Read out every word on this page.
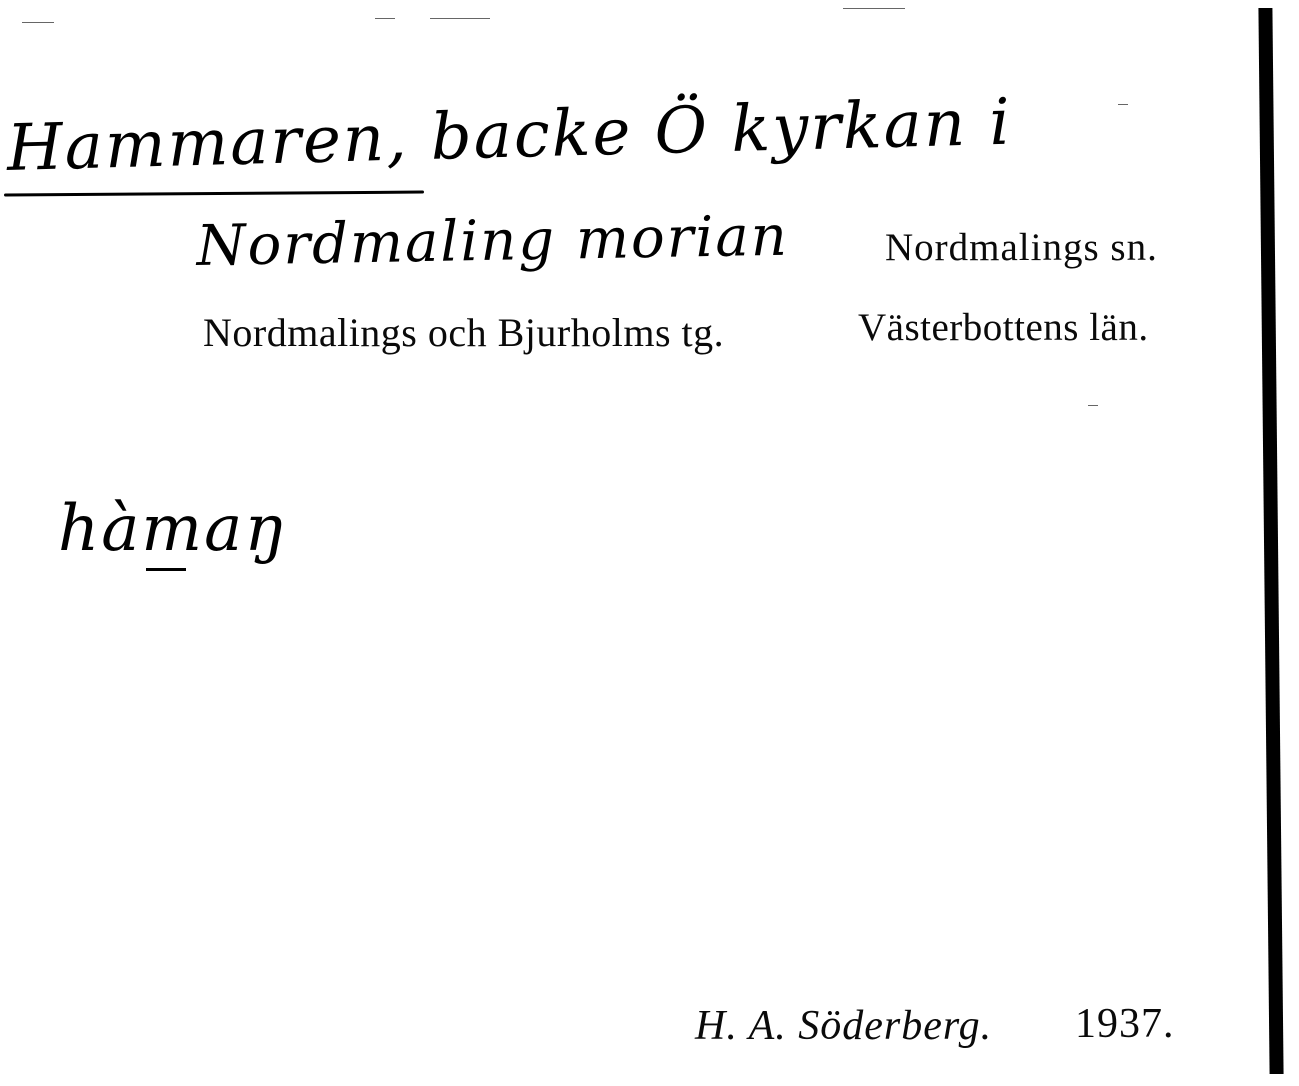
Hammaren, backe Ö kyrkan i
Nordmaling morian Nordmalings sn.
Nordmalings och Bjurholms tg.	Västerbottens län.
hàmaŋ
H. A. Söderberg. 1937.
